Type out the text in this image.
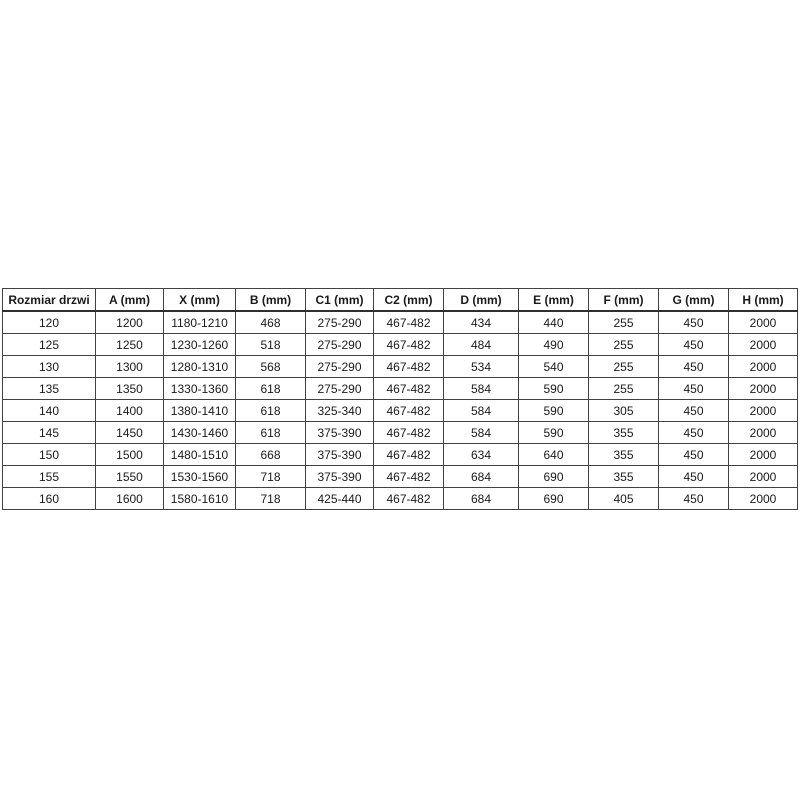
Rozmiar drzwi	A (mm)	X (mm)	B (mm)	C1 (mm)	C2 (mm)	D (mm)	E (mm)	F (mm)	G (mm)	H (mm)
120	1200	1180-1210	468	275-290	467-482	434	440	255	450	2000
125	1250	1230-1260	518	275-290	467-482	484	490	255	450	2000
130	1300	1280-1310	568	275-290	467-482	534	540	255	450	2000
135	1350	1330-1360	618	275-290	467-482	584	590	255	450	2000
140	1400	1380-1410	618	325-340	467-482	584	590	305	450	2000
145	1450	1430-1460	618	375-390	467-482	584	590	355	450	2000
150	1500	1480-1510	668	375-390	467-482	634	640	355	450	2000
155	1550	1530-1560	718	375-390	467-482	684	690	355	450	2000
160	1600	1580-1610	718	425-440	467-482	684	690	405	450	2000
